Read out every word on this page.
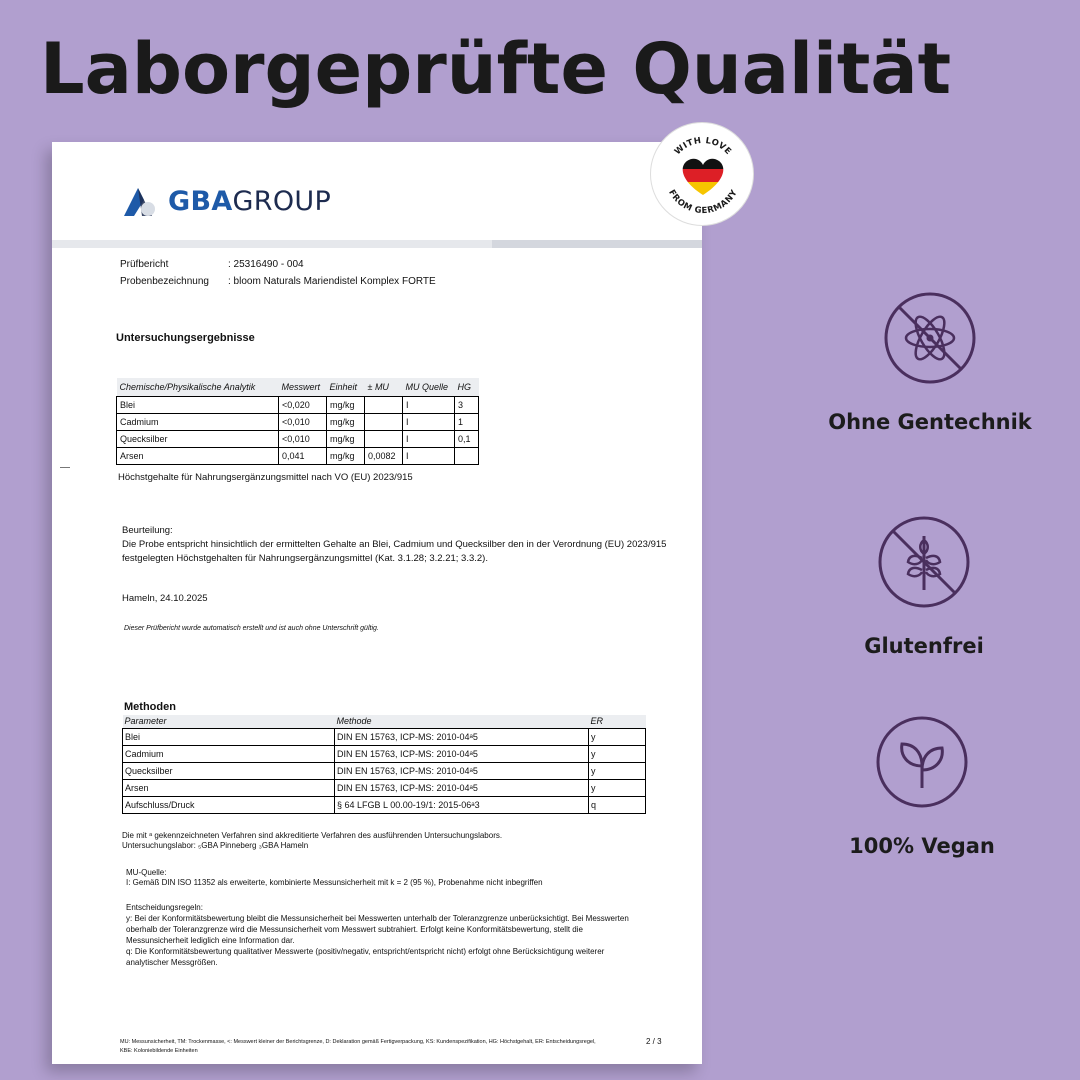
Laborgeprüfte Qualität
GBAGROUP
Prüfbericht	: 25316490 - 004
Probenbezeichnung	: bloom Naturals Mariendistel Komplex FORTE
Untersuchungsergebnisse
Chemische/Physikalische Analytik	Messwert	Einheit	± MU	MU Quelle	HG
Blei	<0,020	mg/kg		I	3
Cadmium	<0,010	mg/kg		I	1
Quecksilber	<0,010	mg/kg		I	0,1
Arsen	0,041	mg/kg	0,0082	I	
Höchstgehalte für Nahrungsergänzungsmittel nach VO (EU) 2023/915
Beurteilung:
Die Probe entspricht hinsichtlich der ermittelten Gehalte an Blei, Cadmium und Quecksilber den in der Verordnung (EU) 2023/915 festgelegten Höchstgehalten für Nahrungsergänzungsmittel (Kat. 3.1.28; 3.2.21; 3.3.2).
Hameln, 24.10.2025
Dieser Prüfbericht wurde automatisch erstellt und ist auch ohne Unterschrift gültig.
Methoden
Parameter	Methode	ER
Blei	DIN EN 15763, ICP-MS: 2010-04ᵃ5	y
Cadmium	DIN EN 15763, ICP-MS: 2010-04ᵃ5	y
Quecksilber	DIN EN 15763, ICP-MS: 2010-04ᵃ5	y
Arsen	DIN EN 15763, ICP-MS: 2010-04ᵃ5	y
Aufschluss/Druck	§ 64 LFGB L 00.00-19/1: 2015-06ᵃ3	q
Die mit ᵃ gekennzeichneten Verfahren sind akkreditierte Verfahren des ausführenden Untersuchungslabors.
Untersuchungslabor: ₅GBA Pinneberg ₃GBA Hameln
MU-Quelle:
I: Gemäß DIN ISO 11352 als erweiterte, kombinierte Messunsicherheit mit k = 2 (95 %), Probenahme nicht inbegriffen
Entscheidungsregeln:
y: Bei der Konformitätsbewertung bleibt die Messunsicherheit bei Messwerten unterhalb der Toleranzgrenze unberücksichtigt. Bei Messwerten oberhalb der Toleranzgrenze wird die Messunsicherheit vom Messwert subtrahiert. Erfolgt keine Konformitätsbewertung, stellt die Messunsicherheit lediglich eine Information dar.
q: Die Konformitätsbewertung qualitativer Messwerte (positiv/negativ, entspricht/entspricht nicht) erfolgt ohne Berücksichtigung weiterer analytischer Messgrößen.
MU: Messunsicherheit, TM: Trockenmasse, <: Messwert kleiner der Berichtsgrenze, D: Deklaration gemäß Fertigverpackung, KS: Kundenspezifikation, HG: Höchstgehalt, ER: Entscheidungsregel, KBE: Koloniebildende Einheiten
2 / 3
WITH LOVE
FROM GERMANY
Ohne Gentechnik
Glutenfrei
100% Vegan
